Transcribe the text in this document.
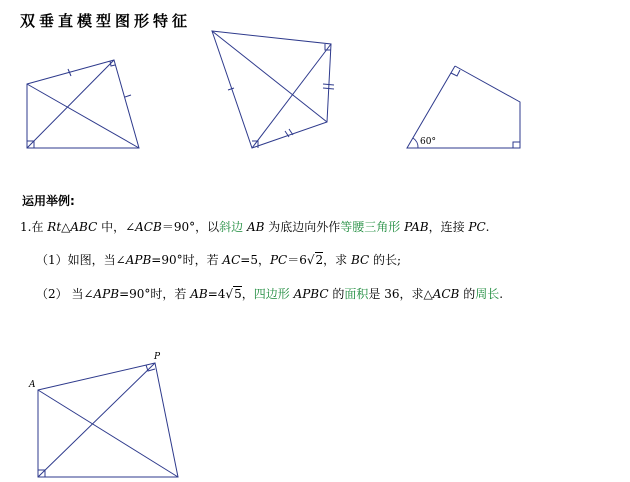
双垂直模型图形特征
60°
A
P
运用举例:
1.在 Rt△ABC 中，∠ACB＝90°，以斜边 AB 为底边向外作等腰三角形 PAB，连接 PC.
（1）如图，当∠APB=90°时，若 AC=5，PC＝6√2，求 BC 的长;
（2） 当∠APB=90°时，若 AB=4√5，四边形 APBC 的面积是 36，求△ACB 的周长.
